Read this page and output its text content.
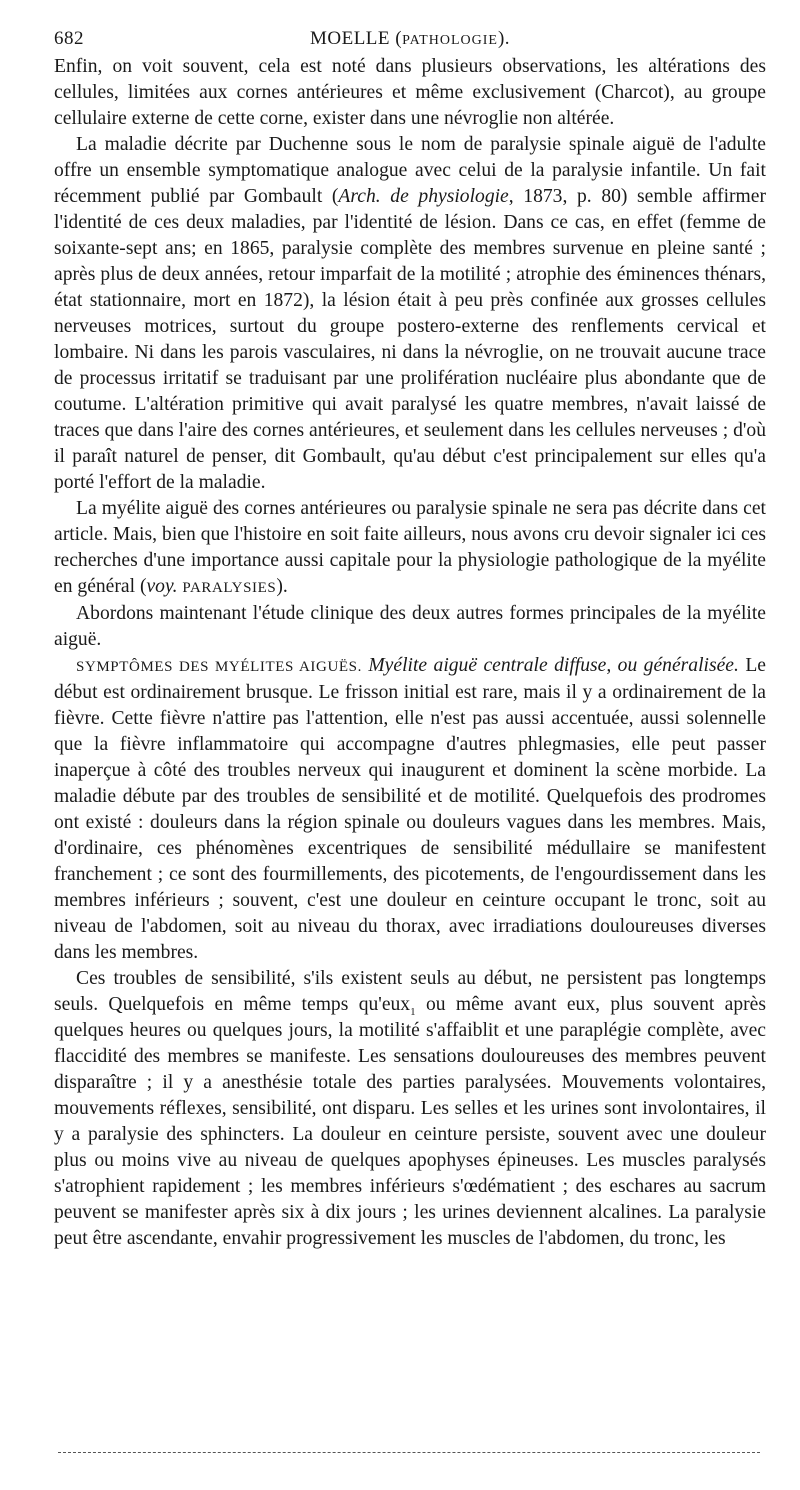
682	MOELLE (PATHOLOGIE).

Enfin, on voit souvent, cela est noté dans plusieurs observations, les altérations des cellules, limitées aux cornes antérieures et même exclusivement (Charcot), au groupe cellulaire externe de cette corne, exister dans une névroglie non altérée.

La maladie décrite par Duchenne sous le nom de paralysie spinale aiguë de l'adulte offre un ensemble symptomatique analogue avec celui de la paralysie infantile. Un fait récemment publié par Gombault (Arch. de physiologie, 1873, p. 80) semble affirmer l'identité de ces deux maladies, par l'identité de lésion. Dans ce cas, en effet (femme de soixante-sept ans; en 1865, paralysie complète des membres survenue en pleine santé ; après plus de deux années, retour imparfait de la motilité ; atrophie des éminences thénars, état stationnaire, mort en 1872), la lésion était à peu près confinée aux grosses cellules nerveuses motrices, surtout du groupe postero-externe des renflements cervical et lombaire. Ni dans les parois vasculaires, ni dans la névroglie, on ne trouvait aucune trace de processus irritatif se traduisant par une prolifération nucléaire plus abondante que de coutume. L'altération primitive qui avait paralysé les quatre membres, n'avait laissé de traces que dans l'aire des cornes antérieures, et seulement dans les cellules nerveuses ; d'où il paraît naturel de penser, dit Gombault, qu'au début c'est principalement sur elles qu'a porté l'effort de la maladie.

La myélite aiguë des cornes antérieures ou paralysie spinale ne sera pas décrite dans cet article. Mais, bien que l'histoire en soit faite ailleurs, nous avons cru devoir signaler ici ces recherches d'une importance aussi capitale pour la physiologie pathologique de la myélite en général (voy. PARALYSIES).

Abordons maintenant l'étude clinique des deux autres formes principales de la myélite aiguë.

SYMPTÔMES DES MYÉLITES AIGUËS. Myélite aiguë centrale diffuse, ou généralisée. Le début est ordinairement brusque. Le frisson initial est rare, mais il y a ordinairement de la fièvre. Cette fièvre n'attire pas l'attention, elle n'est pas aussi accentuée, aussi solennelle que la fièvre inflammatoire qui accompagne d'autres phlegmasies, elle peut passer inaperçue à côté des troubles nerveux qui inaugurent et dominent la scène morbide. La maladie débute par des troubles de sensibilité et de motilité. Quelquefois des prodromes ont existé : douleurs dans la région spinale ou douleurs vagues dans les membres. Mais, d'ordinaire, ces phénomènes excentriques de sensibilité médullaire se manifestent franchement ; ce sont des fourmillements, des picotements, de l'engourdissement dans les membres inférieurs ; souvent, c'est une douleur en ceinture occupant le tronc, soit au niveau de l'abdomen, soit au niveau du thorax, avec irradiations douloureuses diverses dans les membres.

Ces troubles de sensibilité, s'ils existent seuls au début, ne persistent pas longtemps seuls. Quelquefois en même temps qu'eux$_1$ ou même avant eux, plus souvent après quelques heures ou quelques jours, la motilité s'affaiblit et une paraplégie complète, avec flaccidité des membres se manifeste. Les sensations douloureuses des membres peuvent disparaître ; il y a anesthésie totale des parties paralysées. Mouvements volontaires, mouvements réflexes, sensibilité, ont disparu. Les selles et les urines sont involontaires, il y a paralysie des sphincters. La douleur en ceinture persiste, souvent avec une douleur plus ou moins vive au niveau de quelques apophyses épineuses. Les muscles paralysés s'atrophient rapidement ; les membres inférieurs s'œdématient ; des eschares au sacrum peuvent se manifester après six à dix jours ; les urines deviennent alcalines. La paralysie peut être ascendante, envahir progressivement les muscles de l'abdomen, du tronc, les
